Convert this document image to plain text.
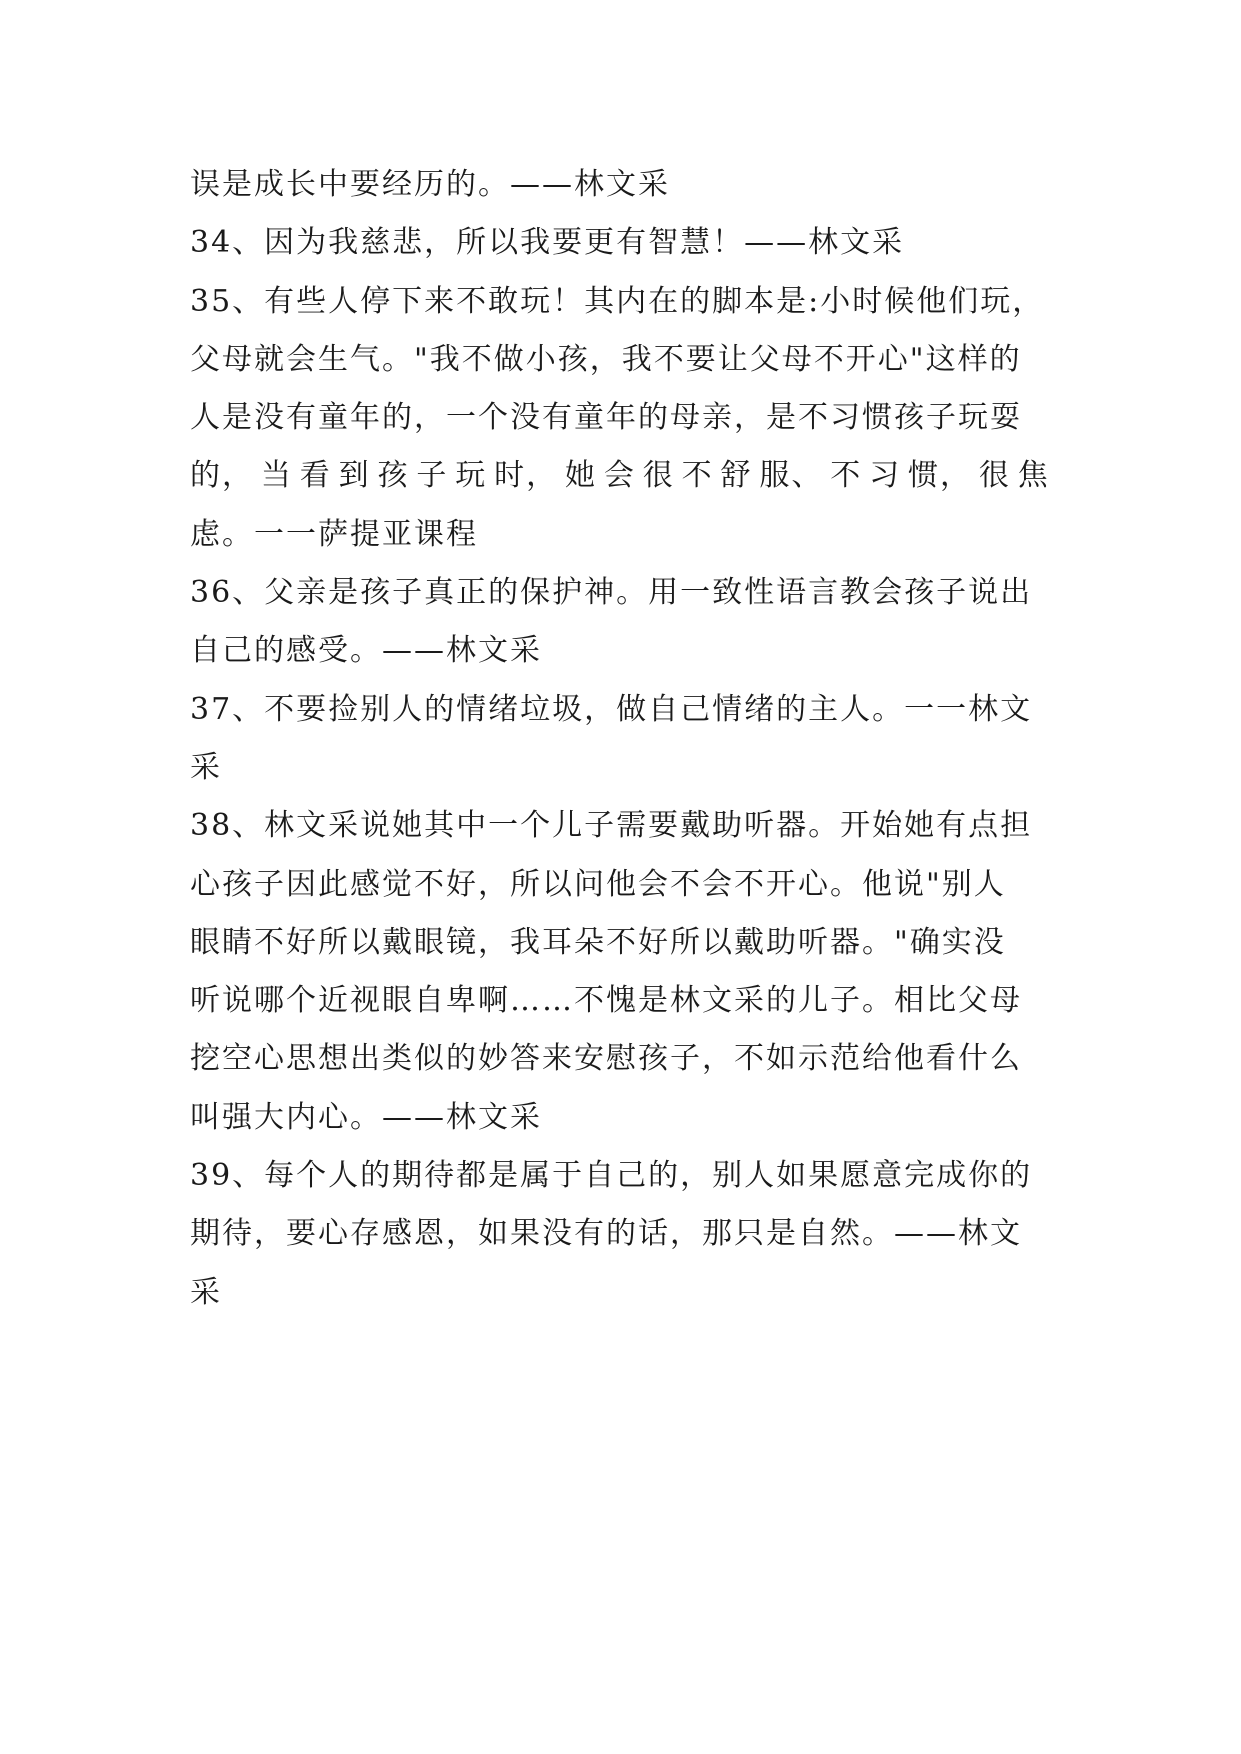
误是成长中要经历的。——林文采
34、因为我慈悲，所以我要更有智慧！——林文采
35、有些人停下来不敢玩！其内在的脚本是:小时候他们玩，
父母就会生气。"我不做小孩，我不要让父母不开心"这样的
人是没有童年的，一个没有童年的母亲，是不习惯孩子玩耍
的， 当 看 到 孩 子 玩 时， 她 会 很 不 舒 服、 不 习 惯， 很 焦
虑。一一萨提亚课程
36、父亲是孩子真正的保护神。用一致性语言教会孩子说出
自己的感受。——林文采
37、不要捡别人的情绪垃圾，做自己情绪的主人。一一林文
采
38、林文采说她其中一个儿子需要戴助听器。开始她有点担
心孩子因此感觉不好，所以问他会不会不开心。他说"别人
眼睛不好所以戴眼镜，我耳朵不好所以戴助听器。"确实没
听说哪个近视眼自卑啊……不愧是林文采的儿子。相比父母
挖空心思想出类似的妙答来安慰孩子，不如示范给他看什么
叫强大内心。——林文采
39、每个人的期待都是属于自己的，别人如果愿意完成你的
期待，要心存感恩，如果没有的话，那只是自然。——林文
采
